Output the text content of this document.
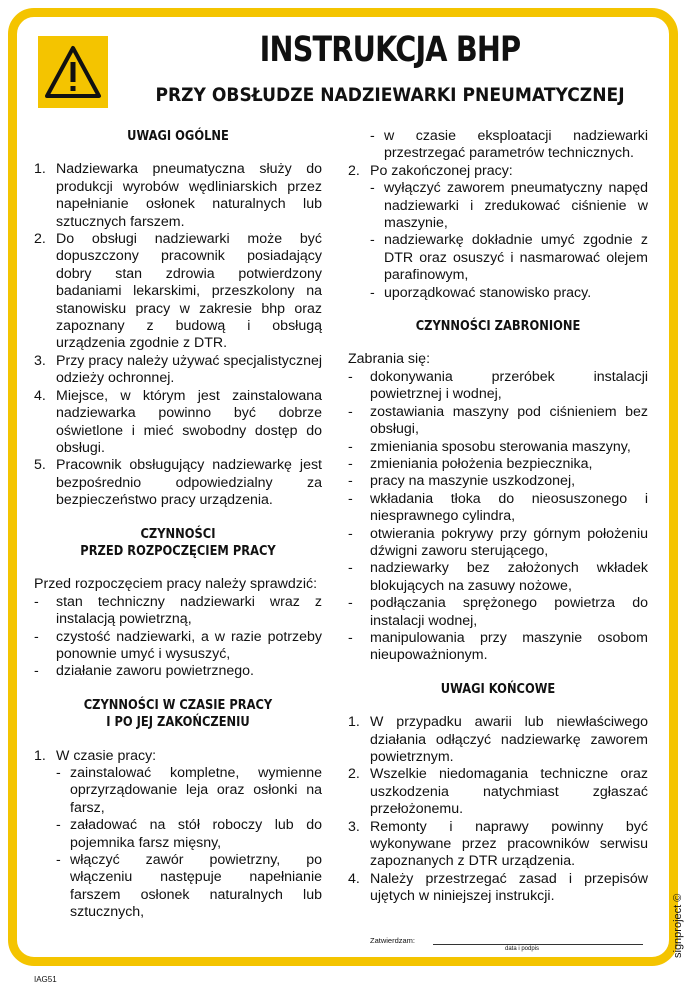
INSTRUKCJA BHP
PRZY OBSŁUDZE NADZIEWARKI PNEUMATYCZNEJ
UWAGI OGÓLNE
1. Nadziewarka pneumatyczna służy do produkcji wyrobów wędliniarskich przez napełnianie osłonek naturalnych lub sztucznych farszem.
2. Do obsługi nadziewarki może być dopuszczony pracownik posiadający dobry stan zdrowia potwierdzony badaniami lekarskimi, przeszkolony na stanowisku pracy w zakresie bhp oraz zapoznany z budową i obsługą urządzenia zgodnie z DTR.
3. Przy pracy należy używać specjalistycznej odzieży ochronnej.
4. Miejsce, w którym jest zainstalowana nadziewarka powinno być dobrze oświetlone i mieć swobodny dostęp do obsługi.
5. Pracownik obsługujący nadziewarkę jest bezpośrednio odpowiedzialny za bezpieczeństwo pracy urządzenia.
CZYNNOŚCI
PRZED ROZPOCZĘCIEM PRACY

Przed rozpoczęciem pracy należy sprawdzić:

-	stan techniczny nadziewarki wraz z instalacją powietrzną,
-	czystość nadziewarki, a w razie potrzeby ponownie umyć i wysuszyć,
-	działanie zaworu powietrznego.
CZYNNOŚCI W CZASIE PRACY
I PO JEJ ZAKOŃCZENIU
1. W czasie pracy:
- zainstalować kompletne, wymienne oprzyrządowanie leja oraz osłonki na farsz,
- załadować na stół roboczy lub do pojemnika farsz mięsny,
- włączyć zawór powietrzny, po włączeniu następuje napełnianie farszem osłonek naturalnych lub sztucznych,
- w czasie eksploatacji nadziewarki przestrzegać parametrów technicznych.
2. Po zakończonej pracy:
- wyłączyć zaworem pneumatyczny napęd nadziewarki i zredukować ciśnienie w maszynie,
- nadziewarkę dokładnie umyć zgodnie z DTR oraz osuszyć i nasmarować olejem parafinowym,
- uporządkować stanowisko pracy.
CZYNNOŚCI ZABRONIONE

Zabrania się:

-	dokonywania przeróbek instalacji powietrznej i wodnej,
-	zostawiania maszyny pod ciśnieniem bez obsługi,
-	zmieniania sposobu sterowania maszyny,
-	zmieniania położenia bezpiecznika,
-	pracy na maszynie uszkodzonej,
-	wkładania tłoka do nieosuszonego i niesprawnego cylindra,
-	otwierania pokrywy przy górnym położeniu dźwigni zaworu sterującego,
-	nadziewarky bez założonych wkładek blokujących na zasuwy nożowe,
-	podłączania sprężonego powietrza do instalacji wodnej,
-	manipulowania przy maszynie osobom nieupoważnionym.
UWAGI KOŃCOWE
1. W przypadku awarii lub niewłaściwego działania odłączyć nadziewarkę zaworem powietrznym.
2. Wszelkie niedomagania techniczne oraz uszkodzenia natychmiast zgłaszać przełożonemu.
3. Remonty i naprawy powinny być wykonywane przez pracowników serwisu zapoznanych z DTR urządzenia.
4. Należy przestrzegać zasad i przepisów ujętych w niniejszej instrukcji.
Zatwierdzam:
data i podpis	signproject ©
IAG51
